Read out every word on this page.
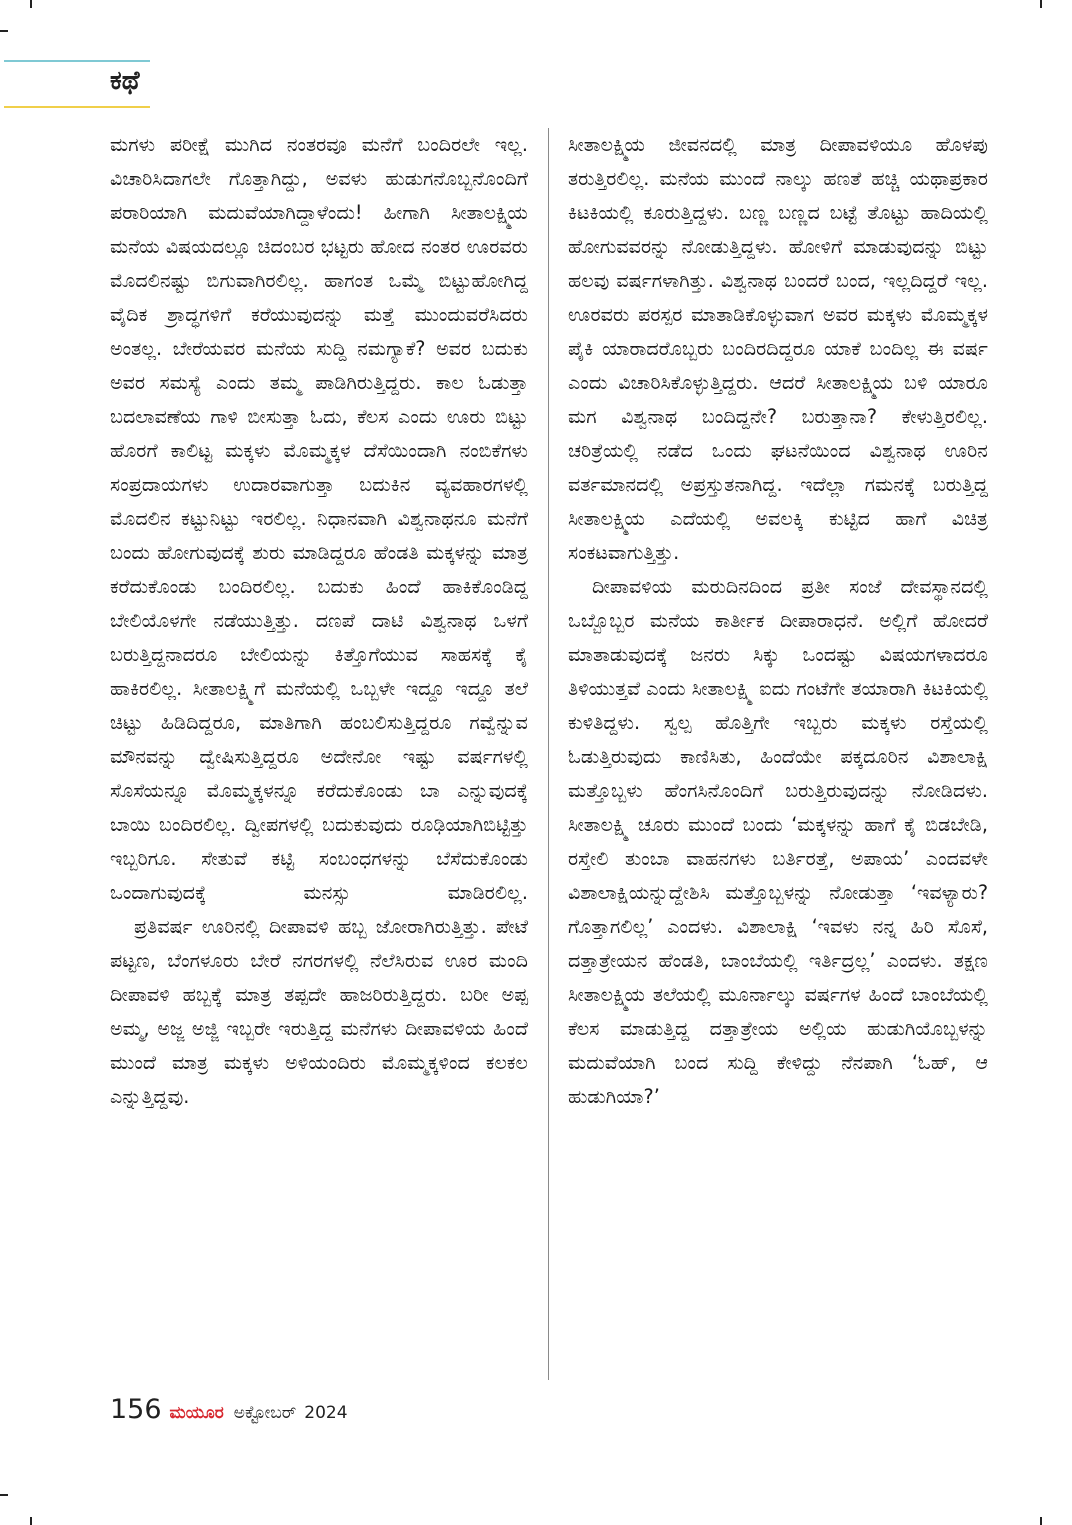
ಕಥೆ

ಮಗಳು ಪರೀಕ್ಷೆ ಮುಗಿದ ನಂತರವೂ ಮನೆಗೆ ಬಂದಿರಲೇ ಇಲ್ಲ. ವಿಚಾರಿಸಿದಾಗಲೇ ಗೊತ್ತಾಗಿದ್ದು, ಅವಳು ಹುಡುಗನೊಬ್ಬನೊಂದಿಗೆ ಪರಾರಿಯಾಗಿ ಮದುವೆಯಾಗಿದ್ದಾಳೆಂದು! ಹೀಗಾಗಿ ಸೀತಾಲಕ್ಷ್ಮಿಯ ಮನೆಯ ವಿಷಯದಲ್ಲೂ ಚಿದಂಬರ ಭಟ್ಟರು ಹೋದ ನಂತರ ಊರವರು ಮೊದಲಿನಷ್ಟು ಬಿಗುವಾಗಿರಲಿಲ್ಲ. ಹಾಗಂತ ಒಮ್ಮೆ ಬಿಟ್ಟುಹೋಗಿದ್ದ ವೈದಿಕ ಶ್ರಾದ್ಧಗಳಿಗೆ ಕರೆಯುವುದನ್ನು ಮತ್ತೆ ಮುಂದುವರೆಸಿದರು ಅಂತಲ್ಲ. ಬೇರೆಯವರ ಮನೆಯ ಸುದ್ದಿ ನಮಗ್ಯಾಕೆ? ಅವರ ಬದುಕು ಅವರ ಸಮಸ್ಯೆ ಎಂದು ತಮ್ಮ ಪಾಡಿಗಿರುತ್ತಿದ್ದರು. ಕಾಲ ಓಡುತ್ತಾ ಬದಲಾವಣೆಯ ಗಾಳಿ ಬೀಸುತ್ತಾ ಓದು, ಕೆಲಸ ಎಂದು ಊರು ಬಿಟ್ಟು ಹೊರಗೆ ಕಾಲಿಟ್ಟ ಮಕ್ಕಳು ಮೊಮ್ಮಕ್ಕಳ ದೆಸೆಯಿಂದಾಗಿ ನಂಬಿಕೆಗಳು ಸಂಪ್ರದಾಯಗಳು ಉದಾರವಾಗುತ್ತಾ ಬದುಕಿನ ವ್ಯವಹಾರಗಳಲ್ಲಿ ಮೊದಲಿನ ಕಟ್ಟುನಿಟ್ಟು ಇರಲಿಲ್ಲ. ನಿಧಾನವಾಗಿ ವಿಶ್ವನಾಥನೂ ಮನೆಗೆ ಬಂದು ಹೋಗುವುದಕ್ಕೆ ಶುರು ಮಾಡಿದ್ದರೂ ಹೆಂಡತಿ ಮಕ್ಕಳನ್ನು ಮಾತ್ರ ಕರೆದುಕೊಂಡು ಬಂದಿರಲಿಲ್ಲ. ಬದುಕು ಹಿಂದೆ ಹಾಕಿಕೊಂಡಿದ್ದ ಬೇಲಿಯೊಳಗೇ ನಡೆಯುತ್ತಿತ್ತು. ದಣಪೆ ದಾಟಿ ವಿಶ್ವನಾಥ ಒಳಗೆ ಬರುತ್ತಿದ್ದನಾದರೂ ಬೇಲಿಯನ್ನು ಕಿತ್ತೊಗೆಯುವ ಸಾಹಸಕ್ಕೆ ಕೈ ಹಾಕಿರಲಿಲ್ಲ. ಸೀತಾಲಕ್ಷ್ಮಿಗೆ ಮನೆಯಲ್ಲಿ ಒಬ್ಬಳೇ ಇದ್ದೂ ಇದ್ದೂ ತಲೆ ಚಿಟ್ಟು ಹಿಡಿದಿದ್ದರೂ, ಮಾತಿಗಾಗಿ ಹಂಬಲಿಸುತ್ತಿದ್ದರೂ ಗವ್ವೆನ್ನುವ ಮೌನವನ್ನು ದ್ವೇಷಿಸುತ್ತಿದ್ದರೂ ಅದೇನೋ ಇಷ್ಟು ವರ್ಷಗಳಲ್ಲಿ ಸೊಸೆಯನ್ನೂ ಮೊಮ್ಮಕ್ಕಳನ್ನೂ ಕರೆದುಕೊಂಡು ಬಾ ಎನ್ನುವುದಕ್ಕೆ ಬಾಯಿ ಬಂದಿರಲಿಲ್ಲ. ದ್ವೀಪಗಳಲ್ಲಿ ಬದುಕುವುದು ರೂಢಿಯಾಗಿಬಿಟ್ಟಿತ್ತು ಇಬ್ಬರಿಗೂ. ಸೇತುವೆ ಕಟ್ಟಿ ಸಂಬಂಧಗಳನ್ನು ಬೆಸೆದುಕೊಂಡು ಒಂದಾಗುವುದಕ್ಕೆ ಮನಸ್ಸು ಮಾಡಿರಲಿಲ್ಲ.

ಪ್ರತಿವರ್ಷ ಊರಿನಲ್ಲಿ ದೀಪಾವಳಿ ಹಬ್ಬ ಜೋರಾಗಿರುತ್ತಿತ್ತು. ಪೇಟೆ ಪಟ್ಟಣ, ಬೆಂಗಳೂರು ಬೇರೆ ನಗರಗಳಲ್ಲಿ ನೆಲೆಸಿರುವ ಊರ ಮಂದಿ ದೀಪಾವಳಿ ಹಬ್ಬಕ್ಕೆ ಮಾತ್ರ ತಪ್ಪದೇ ಹಾಜರಿರುತ್ತಿದ್ದರು. ಬರೀ ಅಪ್ಪ ಅಮ್ಮ, ಅಜ್ಜ ಅಜ್ಜಿ ಇಬ್ಬರೇ ಇರುತ್ತಿದ್ದ ಮನೆಗಳು ದೀಪಾವಳಿಯ ಹಿಂದೆ ಮುಂದೆ ಮಾತ್ರ ಮಕ್ಕಳು ಅಳಿಯಂದಿರು ಮೊಮ್ಮಕ್ಕಳಿಂದ ಕಲಕಲ ಎನ್ನುತ್ತಿದ್ದವು.

ಸೀತಾಲಕ್ಷ್ಮಿಯ ಜೀವನದಲ್ಲಿ ಮಾತ್ರ ದೀಪಾವಳಿಯೂ ಹೊಳಪು ತರುತ್ತಿರಲಿಲ್ಲ. ಮನೆಯ ಮುಂದೆ ನಾಲ್ಕು ಹಣತೆ ಹಚ್ಚಿ ಯಥಾಪ್ರಕಾರ ಕಿಟಕಿಯಲ್ಲಿ ಕೂರುತ್ತಿದ್ದಳು. ಬಣ್ಣ ಬಣ್ಣದ ಬಟ್ಟೆ ತೊಟ್ಟು ಹಾದಿಯಲ್ಲಿ ಹೋಗುವವರನ್ನು ನೋಡುತ್ತಿದ್ದಳು. ಹೋಳಿಗೆ ಮಾಡುವುದನ್ನು ಬಿಟ್ಟು ಹಲವು ವರ್ಷಗಳಾಗಿತ್ತು. ವಿಶ್ವನಾಥ ಬಂದರೆ ಬಂದ, ಇಲ್ಲದಿದ್ದರೆ ಇಲ್ಲ. ಊರವರು ಪರಸ್ಪರ ಮಾತಾಡಿಕೊಳ್ಳುವಾಗ ಅವರ ಮಕ್ಕಳು ಮೊಮ್ಮಕ್ಕಳ ಪೈಕಿ ಯಾರಾದರೊಬ್ಬರು ಬಂದಿರದಿದ್ದರೂ ಯಾಕೆ ಬಂದಿಲ್ಲ ಈ ವರ್ಷ ಎಂದು ವಿಚಾರಿಸಿಕೊಳ್ಳುತ್ತಿದ್ದರು. ಆದರೆ ಸೀತಾಲಕ್ಷ್ಮಿಯ ಬಳಿ ಯಾರೂ ಮಗ ವಿಶ್ವನಾಥ ಬಂದಿದ್ದನೇ? ಬರುತ್ತಾನಾ? ಕೇಳುತ್ತಿರಲಿಲ್ಲ. ಚರಿತ್ರೆಯಲ್ಲಿ ನಡೆದ ಒಂದು ಘಟನೆಯಿಂದ ವಿಶ್ವನಾಥ ಊರಿನ ವರ್ತಮಾನದಲ್ಲಿ ಅಪ್ರಸ್ತುತನಾಗಿದ್ದ. ಇದೆಲ್ಲಾ ಗಮನಕ್ಕೆ ಬರುತ್ತಿದ್ದ ಸೀತಾಲಕ್ಷ್ಮಿಯ ಎದೆಯಲ್ಲಿ ಅವಲಕ್ಕಿ ಕುಟ್ಟಿದ ಹಾಗೆ ವಿಚಿತ್ರ ಸಂಕಟವಾಗುತ್ತಿತ್ತು.

ದೀಪಾವಳಿಯ ಮರುದಿನದಿಂದ ಪ್ರತೀ ಸಂಜೆ ದೇವಸ್ಥಾನದಲ್ಲಿ ಒಬ್ಬೊಬ್ಬರ ಮನೆಯ ಕಾರ್ತೀಕ ದೀಪಾರಾಧನೆ. ಅಲ್ಲಿಗೆ ಹೋದರೆ ಮಾತಾಡುವುದಕ್ಕೆ ಜನರು ಸಿಕ್ಕು ಒಂದಷ್ಟು ವಿಷಯಗಳಾದರೂ ತಿಳಿಯುತ್ತವೆ ಎಂದು ಸೀತಾಲಕ್ಷ್ಮಿ ಐದು ಗಂಟೆಗೇ ತಯಾರಾಗಿ ಕಿಟಕಿಯಲ್ಲಿ ಕುಳಿತಿದ್ದಳು. ಸ್ವಲ್ಪ ಹೊತ್ತಿಗೇ ಇಬ್ಬರು ಮಕ್ಕಳು ರಸ್ತೆಯಲ್ಲಿ ಓಡುತ್ತಿರುವುದು ಕಾಣಿಸಿತು, ಹಿಂದೆಯೇ ಪಕ್ಕದೂರಿನ ವಿಶಾಲಾಕ್ಷಿ ಮತ್ತೊಬ್ಬಳು ಹೆಂಗಸಿನೊಂದಿಗೆ ಬರುತ್ತಿರುವುದನ್ನು ನೋಡಿದಳು. ಸೀತಾಲಕ್ಷ್ಮಿ ಚೂರು ಮುಂದೆ ಬಂದು ‘ಮಕ್ಕಳನ್ನು ಹಾಗೆ ಕೈ ಬಿಡಬೇಡಿ, ರಸ್ತೇಲಿ ತುಂಬಾ ವಾಹನಗಳು ಬರ್ತಿರತ್ತೆ, ಅಪಾಯ’ ಎಂದವಳೇ ವಿಶಾಲಾಕ್ಷಿಯನ್ನುದ್ದೇಶಿಸಿ ಮತ್ತೊಬ್ಬಳನ್ನು ನೋಡುತ್ತಾ ‘ಇವಳ್ಯಾರು? ಗೊತ್ತಾಗಲಿಲ್ಲ’ ಎಂದಳು. ವಿಶಾಲಾಕ್ಷಿ ‘ಇವಳು ನನ್ನ ಹಿರಿ ಸೊಸೆ, ದತ್ತಾತ್ರೇಯನ ಹೆಂಡತಿ, ಬಾಂಬೆಯಲ್ಲಿ ಇರ್ತಿದ್ರಲ್ಲ’ ಎಂದಳು. ತಕ್ಷಣ ಸೀತಾಲಕ್ಷ್ಮಿಯ ತಲೆಯಲ್ಲಿ ಮೂರ್ನಾಲ್ಕು ವರ್ಷಗಳ ಹಿಂದೆ ಬಾಂಬೆಯಲ್ಲಿ ಕೆಲಸ ಮಾಡುತ್ತಿದ್ದ ದತ್ತಾತ್ರೇಯ ಅಲ್ಲಿಯ ಹುಡುಗಿಯೊಬ್ಬಳನ್ನು ಮದುವೆಯಾಗಿ ಬಂದ ಸುದ್ದಿ ಕೇಳಿದ್ದು ನೆನಪಾಗಿ ‘ಓಹ್, ಆ ಹುಡುಗಿಯಾ?’

156 ಮಯೂರ ಅಕ್ಟೋಬರ್ 2024
